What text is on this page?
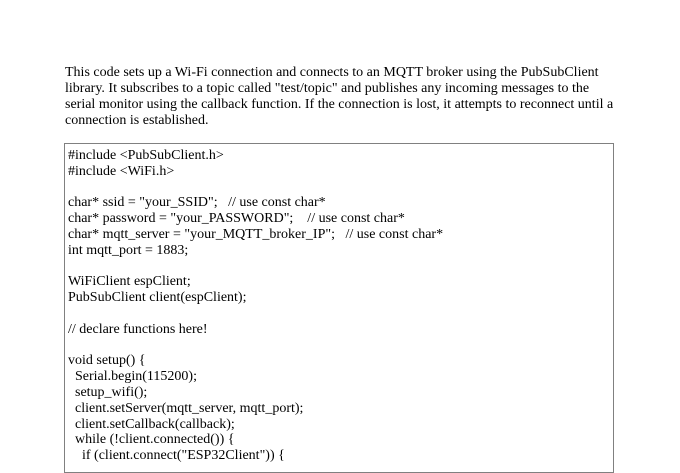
This code sets up a Wi-Fi connection and connects to an MQTT broker using the PubSubClient library. It subscribes to a topic called "test/topic" and publishes any incoming messages to the serial monitor using the callback function. If the connection is lost, it attempts to reconnect until a connection is established.

#include <PubSubClient.h>
#include <WiFi.h>

char* ssid = "your_SSID";   // use const char*
char* password = "your_PASSWORD";    // use const char*
char* mqtt_server = "your_MQTT_broker_IP";   // use const char*
int mqtt_port = 1883;

WiFiClient espClient;
PubSubClient client(espClient);

// declare functions here!

void setup() {
Serial.begin(115200);
setup_wifi();
client.setServer(mqtt_server, mqtt_port);
client.setCallback(callback);
while (!client.connected()) {
if (client.connect("ESP32Client")) {
